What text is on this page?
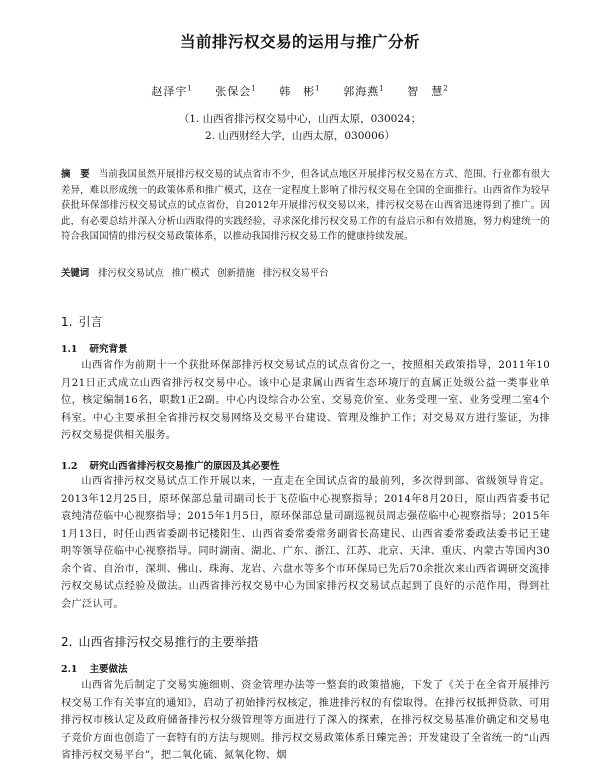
当前排污权交易的运用与推广分析
赵泽宇$^1$ 张保会$^1$ 韩　彬$^1$ 郭海燕$^1$ 智　慧$^2$

（1. 山西省排污权交易中心，山西太原，030024；

2. 山西财经大学，山西太原，030006）

摘　要 当前我国虽然开展排污权交易的试点省市不少，但各试点地区开展排污权交易在方式、范围、行业都有很大差异，难以形成统一的政策体系和推广模式，这在一定程度上影响了排污权交易在全国的全面推行。山西省作为较早获批环保部排污权交易试点的试点省份，自2012年开展排污权交易以来，排污权交易在山西省迅速得到了推广。因此，有必要总结并深入分析山西取得的实践经验，寻求深化排污权交易工作的有益启示和有效措施，努力构建统一的符合我国国情的排污权交易政策体系，以推动我国排污权交易工作的健康持续发展。

关键词 排污权交易试点 推广模式 创新措施 排污权交易平台

1. 引言
1.1 研究背景

山西省作为前期十一个获批环保部排污权交易试点的试点省份之一，按照相关政策指导，2011年10月21日正式成立山西省排污权交易中心。该中心是隶属山西省生态环境厅的直属正处级公益一类事业单位，核定编制16名，职数1正2副。中心内设综合办公室、交易竞价室、业务受理一室、业务受理二室4个科室。中心主要承担全省排污权交易网络及交易平台建设、管理及维护工作；对交易双方进行鉴证，为排污权交易提供相关服务。

1.2 研究山西省排污权交易推广的原因及其必要性

山西省排污权交易试点工作开展以来，一直走在全国试点省的最前列，多次得到部、省级领导肯定。2013年12月25日，原环保部总量司副司长于飞莅临中心视察指导；2014年8月20日，原山西省委书记袁纯清莅临中心视察指导；2015年1月5日，原环保部总量司副巡视员周志强莅临中心视察指导；2015年1月13日，时任山西省委副书记楼阳生、山西省委常委常务副省长高建民、山西省委常委政法委书记王建明等领导莅临中心视察指导。同时湖南、湖北、广东、浙江、江苏、北京、天津、重庆、内蒙古等国内30余个省、自治市，深圳、佛山、珠海、龙岩、六盘水等多个市环保局已先后70余批次来山西省调研交流排污权交易试点经验及做法。山西省排污权交易中心为国家排污权交易试点起到了良好的示范作用，得到社会广泛认可。

2. 山西省排污权交易推行的主要举措
2.1 主要做法

山西省先后制定了交易实施细则、资金管理办法等一整套的政策措施，下发了《关于在全省开展排污权交易工作有关事宜的通知》，启动了初始排污权核定，推进排污权的有偿取得。在排污权抵押贷款、可用排污权市核认定及政府储备排污权分级管理等方面进行了深入的探索，在排污权交易基准价确定和交易电子竞价方面也创造了一套特有的方法与规则。排污权交易政策体系日臻完善；开发建设了全省统一的“山西省排污权交易平台”，把二氧化硫、氮氧化物、烟
